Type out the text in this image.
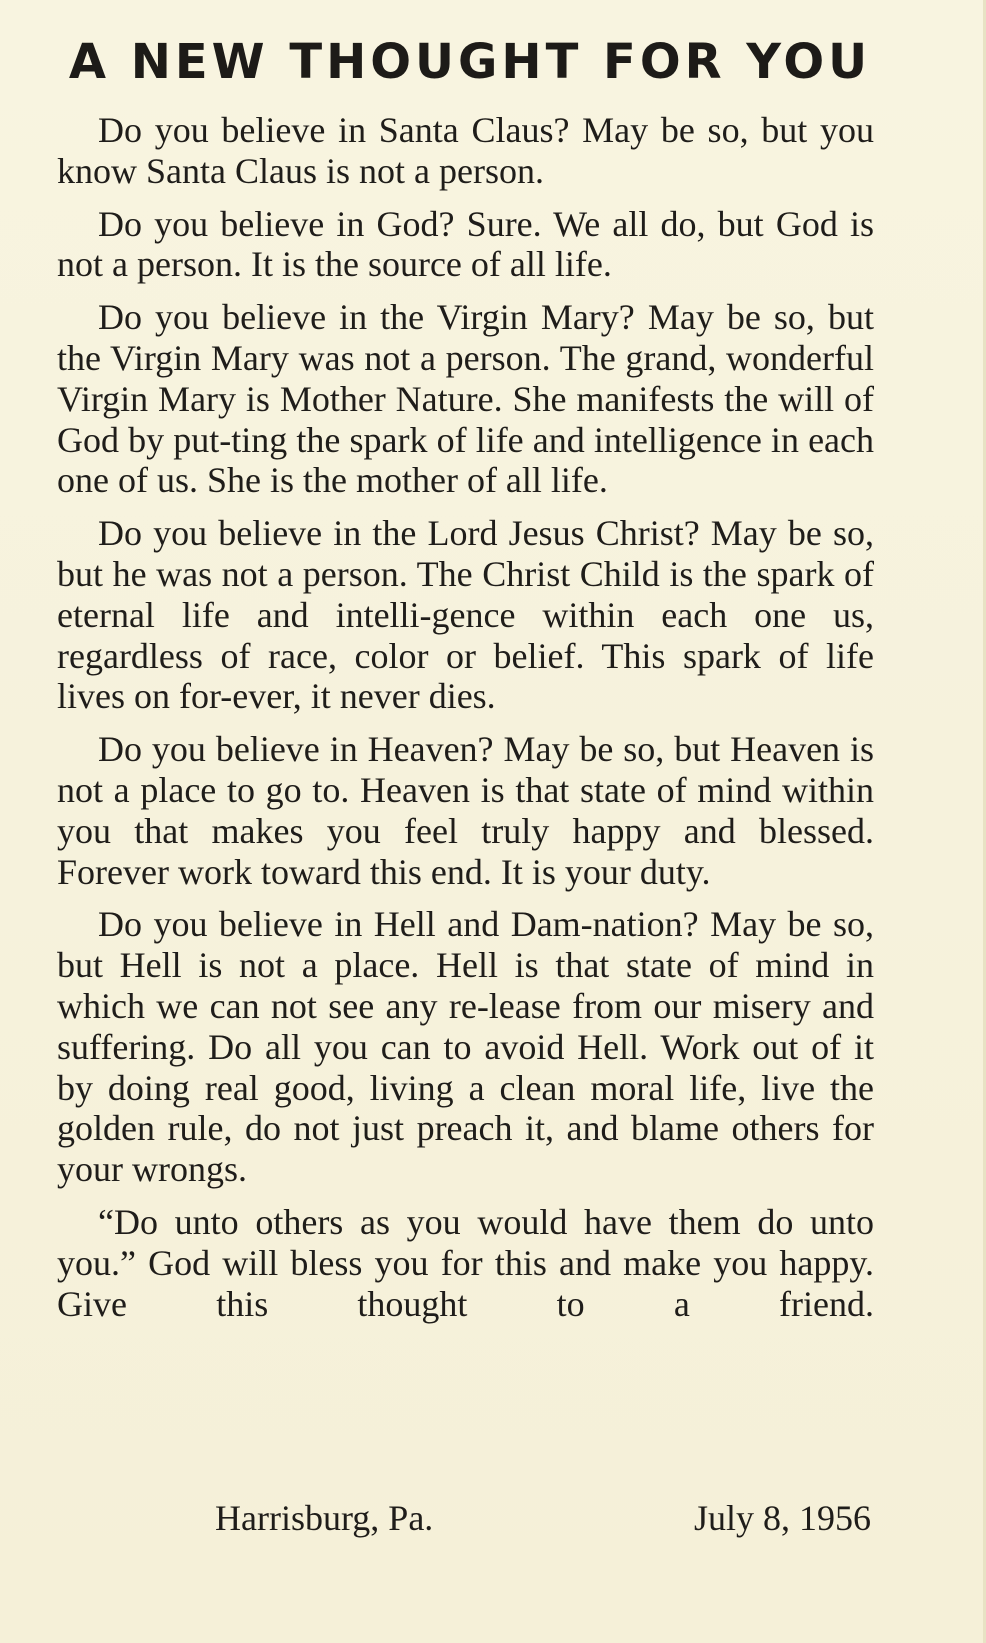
A NEW THOUGHT FOR YOU

Do you believe in Santa Claus? May be so, but you know Santa Claus is not a person.

Do you believe in God? Sure. We all do, but God is not a person. It is the source of all life.

Do you believe in the Virgin Mary? May be so, but the Virgin Mary was not a person. The grand, wonderful Virgin Mary is Mother Nature. She manifests the will of God by put-ting the spark of life and intelligence in each one of us. She is the mother of all life.

Do you believe in the Lord Jesus Christ? May be so, but he was not a person. The Christ Child is the spark of eternal life and intelli-gence within each one us, regardless of race, color or belief. This spark of life lives on for-ever, it never dies.

Do you believe in Heaven? May be so, but Heaven is not a place to go to. Heaven is that state of mind within you that makes you feel truly happy and blessed. Forever work toward this end. It is your duty.

Do you believe in Hell and Dam-nation? May be so, but Hell is not a place. Hell is that state of mind in which we can not see any re-lease from our misery and suffering. Do all you can to avoid Hell. Work out of it by doing real good, living a clean moral life, live the golden rule, do not just preach it, and blame others for your wrongs.

“Do unto others as you would have them do unto you.” God will bless you for this and make you happy. Give this thought to a friend.

Harrisburg, Pa.	July 8, 1956
